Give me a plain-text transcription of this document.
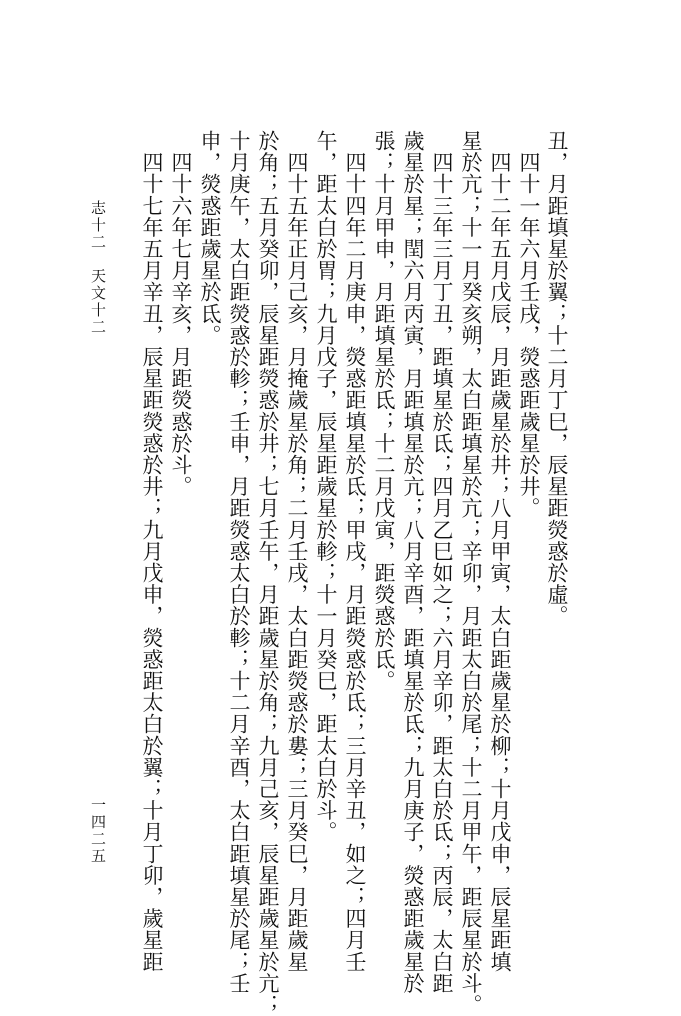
丑，月距填星於翼；十二月丁巳，辰星距熒惑於虛。
　四十一年六月壬戌，熒惑距歲星於井。
　四十二年五月戊辰，月距歲星於井；八月甲寅，太白距歲星於柳；十月戊申，辰星距填
星於亢；十一月癸亥朔，太白距填星於亢；辛卯，月距太白於尾；十二月甲午，距辰星於斗。
　四十三年三月丁丑，距填星於氐；四月乙巳如之；六月辛卯，距太白於氐；丙辰，太白距
歲星於星；閏六月丙寅，月距填星於亢；八月辛酉，距填星於氐；九月庚子，熒惑距歲星於
張；十月甲申，月距填星於氐；十二月戊寅，距熒惑於氐。
　四十四年二月庚申，熒惑距填星於氐；甲戌，月距熒惑於氐；三月辛丑，如之；四月壬
午，距太白於胃；九月戊子，辰星距歲星於軫；十一月癸巳，距太白於斗。
　四十五年正月己亥，月掩歲星於角；二月壬戌，太白距熒惑於婁；三月癸巳，月距歲星
於角；五月癸卯，辰星距熒惑於井；七月壬午，月距歲星於角；九月己亥，辰星距歲星於亢；
十月庚午，太白距熒惑於軫；壬申，月距熒惑太白於軫；十二月辛酉，太白距填星於尾；壬
申，熒惑距歲星於氐。
　四十六年七月辛亥，月距熒惑於斗。
　四十七年五月辛丑，辰星距熒惑於井；九月戊申，熒惑距太白於翼；十月丁卯，歲星距
志十二　天文十二
一四二五
